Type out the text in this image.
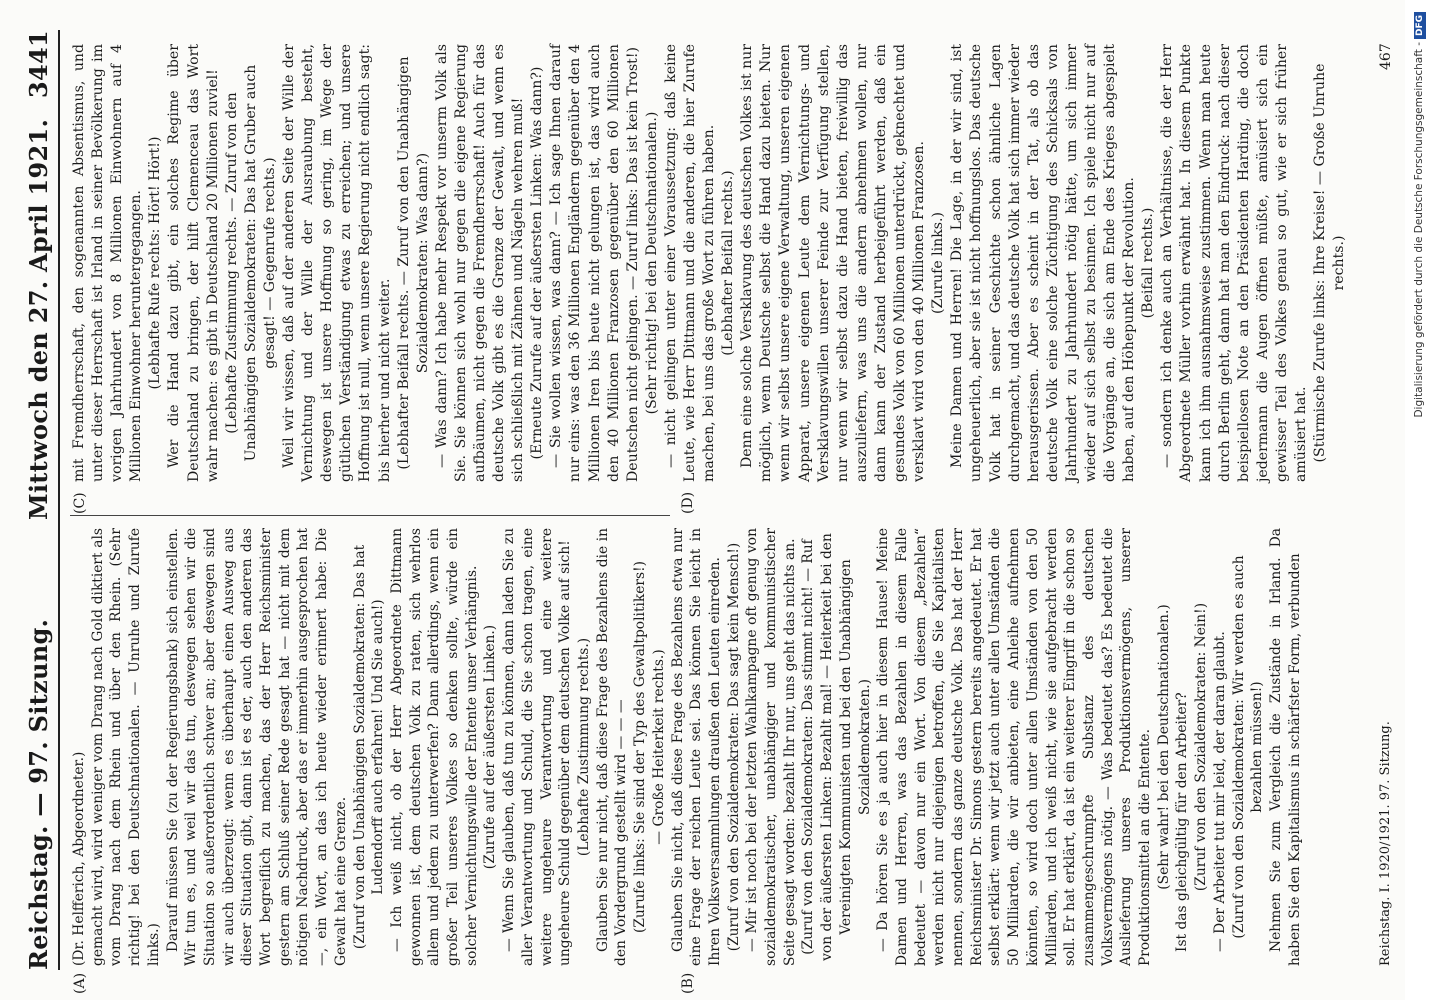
Reichstag. — 97. Sitzung.
Mittwoch den 27. April 1921.
3441
(A)	(B)
(C)	(D)

(Dr. Helfferich, Abgeordneter.) gemacht wird, wird weniger vom Drang nach Gold diktiert als vom Drang nach dem Rhein und über den Rhein. (Sehr richtig! bei den Deutschnationalen. — Unruhe und Zurufe links.) Darauf müssen Sie (zu der Regierungsbank) sich einstellen. Wir tun es, und weil wir das tun, deswegen sehen wir die Situation so außerordentlich schwer an; aber deswegen sind wir auch überzeugt: wenn es überhaupt einen Ausweg aus dieser Situation gibt, dann ist es der, auch den anderen das Wort begreiflich zu machen, das der Herr Reichsminister gestern am Schluß seiner Rede gesagt hat — nicht mit dem nötigen Nachdruck, aber das er immerhin ausgesprochen hat —, ein Wort, an das ich heute wieder erinnert habe: Die Gewalt hat eine Grenze. (Zuruf von den Unabhängigen Sozialdemokraten: Das hat Ludendorff auch erfahren! Und Sie auch!) — Ich weiß nicht, ob der Herr Abgeordnete Dittmann gewonnen ist, dem deutschen Volk zu raten, sich wehrlos allem und jedem zu unterwerfen? Dann allerdings, wenn ein großer Teil unseres Volkes so denken sollte, würde ein solcher Vernichtungswille der Entente unser Verhängnis. (Zurufe auf der äußersten Linken.) — Wenn Sie glauben, daß tun zu können, dann laden Sie zu aller Verantwortung und Schuld, die Sie schon tragen, eine weitere ungeheure Verantwortung und eine weitere ungeheure Schuld gegenüber dem deutschen Volke auf sich! (Lebhafte Zustimmung rechts.) Glauben Sie nur nicht, daß diese Frage des Bezahlens die in den Vordergrund gestellt wird — — — (Zurufe links: Sie sind der Typ des Gewaltpolitikers!) — Große Heiterkeit rechts.) Glauben Sie nicht, daß diese Frage des Bezahlens etwa nur eine Frage der reichen Leute sei. Das können Sie leicht in Ihren Volksversammlungen draußen den Leuten einreden. (Zuruf von den Sozialdemokraten: Das sagt kein Mensch!) — Mir ist noch bei der letzten Wahlkampagne oft genug von sozialdemokratischer, unabhängiger und kommunistischer Seite gesagt worden: bezahlt Ihr nur, uns geht das nichts an. (Zuruf von den Sozialdemokraten: Das stimmt nicht! — Ruf von der äußersten Linken: Bezahlt mal! — Heiterkeit bei den Vereinigten Kommunisten und bei den Unabhängigen Sozialdemokraten.) — Da hören Sie es ja auch hier in diesem Hause! Meine Damen und Herren, was das Bezahlen in diesem Falle bedeutet — davon nur ein Wort. Von diesem „Bezahlen“ werden nicht nur diejenigen betroffen, die Sie Kapitalisten nennen, sondern das ganze deutsche Volk. Das hat der Herr Reichsminister Dr. Simons gestern bereits angedeutet. Er hat selbst erklärt: wenn wir jetzt auch unter allen Umständen die 50 Milliarden, die wir anbieten, eine Anleihe aufnehmen könnten, so wird doch unter allen Umständen von den 50 Milliarden, und ich weiß nicht, wie sie aufgebracht werden soll. Er hat erklärt, da ist ein weiterer Eingriff in die schon so zusammengeschrumpfte Substanz des deutschen Volksvermögens nötig. — Was bedeutet das? Es bedeutet die Auslieferung unseres Produktionsvermögens, unserer Produktionsmittel an die Entente. (Sehr wahr! bei den Deutschnationalen.) Ist das gleichgültig für den Arbeiter? (Zuruf von den Sozialdemokraten: Nein!) — Der Arbeiter tut mir leid, der daran glaubt. (Zuruf von den Sozialdemokraten: Wir werden es auch bezahlen müssen!) Nehmen Sie zum Vergleich die Zustände in Irland. Da haben Sie den Kapitalismus in schärfster Form, verbunden

mit Fremdherrschaft, den sogenannten Absentismus, und unter dieser Herrschaft ist Irland in seiner Bevölkerung im vorigen Jahrhundert von 8 Millionen Einwohnern auf 4 Millionen Einwohner heruntergegangen. (Lebhafte Rufe rechts: Hört! Hört!) Wer die Hand dazu gibt, ein solches Regime über Deutschland zu bringen, der hilft Clemenceau das Wort wahr machen: es gibt in Deutschland 20 Millionen zuviel! (Lebhafte Zustimmung rechts. — Zuruf von den Unabhängigen Sozialdemokraten: Das hat Gruber auch gesagt! — Gegenrufe rechts.) Weil wir wissen, daß auf der anderen Seite der Wille der Vernichtung und der Wille der Ausraubung besteht, deswegen ist unsere Hoffnung so gering, im Wege der gütlichen Verständigung etwas zu erreichen; und unsere Hoffnung ist null, wenn unsere Regierung nicht endlich sagt: bis hierher und nicht weiter. (Lebhafter Beifall rechts. — Zuruf von den Unabhängigen Sozialdemokraten: Was dann?) — Was dann? Ich habe mehr Respekt vor unserm Volk als Sie. Sie können sich wohl nur gegen die eigene Regierung aufbäumen, nicht gegen die Fremdherrschaft! Auch für das deutsche Volk gibt es die Grenze der Gewalt, und wenn es sich schließlich mit Zähnen und Nägeln wehren muß! (Erneute Zurufe auf der äußersten Linken: Was dann?) — Sie wollen wissen, was dann? — Ich sage Ihnen darauf nur eins: was den 36 Millionen Engländern gegenüber den 4 Millionen Iren bis heute nicht gelungen ist, das wird auch den 40 Millionen Franzosen gegenüber den 60 Millionen Deutschen nicht gelingen. — Zuruf links: Das ist kein Trost!) (Sehr richtig! bei den Deutschnationalen.) — nicht gelingen unter einer Voraussetzung: daß keine Leute, wie Herr Dittmann und die anderen, die hier Zurufe machen, bei uns das große Wort zu führen haben. (Lebhafter Beifall rechts.) Denn eine solche Versklavung des deutschen Volkes ist nur möglich, wenn Deutsche selbst die Hand dazu bieten. Nur wenn wir selbst unsere eigene Verwaltung, unseren eigenen Apparat, unsere eigenen Leute dem Vernichtungs- und Versklavungswillen unserer Feinde zur Verfügung stellen, nur wenn wir selbst dazu die Hand bieten, freiwillig das auszuliefern, was uns die andern abnehmen wollen, nur dann kann der Zustand herbeigeführt werden, daß ein gesundes Volk von 60 Millionen unterdrückt, geknechtet und versklavt wird von den 40 Millionen Franzosen. (Zurufe links.) Meine Damen und Herren! Die Lage, in der wir sind, ist ungeheuerlich, aber sie ist nicht hoffnungslos. Das deutsche Volk hat in seiner Geschichte schon ähnliche Lagen durchgemacht, und das deutsche Volk hat sich immer wieder herausgerissen. Aber es scheint in der Tat, als ob das deutsche Volk eine solche Züchtigung des Schicksals von Jahrhundert zu Jahrhundert nötig hätte, um sich immer wieder auf sich selbst zu besinnen. Ich spiele nicht nur auf die Vorgänge an, die sich am Ende des Krieges abgespielt haben, auf den Höhepunkt der Revolution. (Beifall rechts.) — sondern ich denke auch an Verhältnisse, die der Herr Abgeordnete Müller vorhin erwähnt hat. In diesem Punkte kann ich ihm ausnahmsweise zustimmen. Wenn man heute durch Berlin geht, dann hat man den Eindruck: nach dieser beispiellosen Note an den Präsidenten Harding, die doch jedermann die Augen öffnen müßte, amüsiert sich ein gewisser Teil des Volkes genau so gut, wie er sich früher amüsiert hat. (Stürmische Zurufe links: Ihre Kreise! — Große Unruhe rechts.)

Reichstag. I. 1920/1921. 97. Sitzung.
467 Digitalisierung gefördert durch die Deutsche Forschungsgemeinschaft -DFG
